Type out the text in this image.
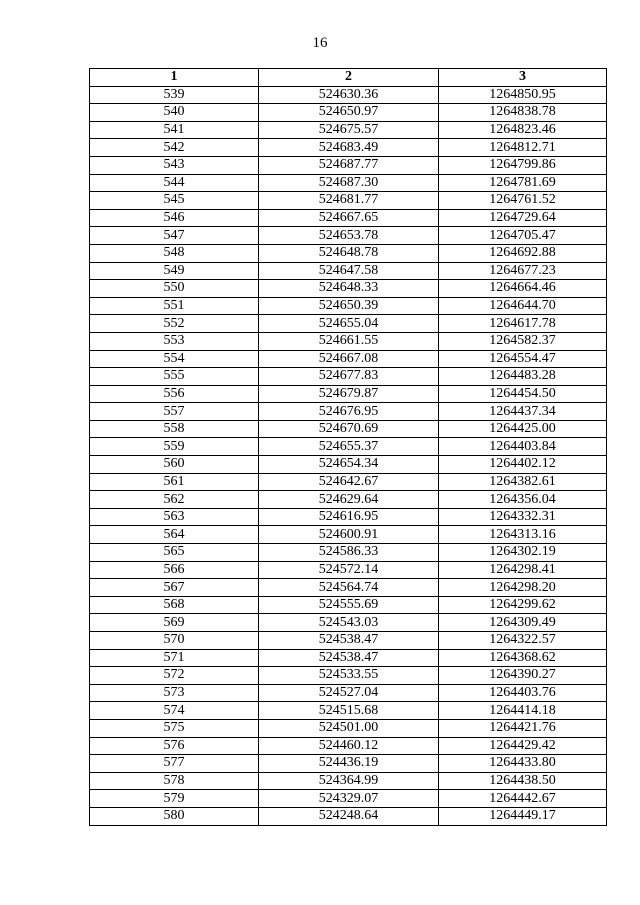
16
1	2	3
539	524630.36	1264850.95
540	524650.97	1264838.78
541	524675.57	1264823.46
542	524683.49	1264812.71
543	524687.77	1264799.86
544	524687.30	1264781.69
545	524681.77	1264761.52
546	524667.65	1264729.64
547	524653.78	1264705.47
548	524648.78	1264692.88
549	524647.58	1264677.23
550	524648.33	1264664.46
551	524650.39	1264644.70
552	524655.04	1264617.78
553	524661.55	1264582.37
554	524667.08	1264554.47
555	524677.83	1264483.28
556	524679.87	1264454.50
557	524676.95	1264437.34
558	524670.69	1264425.00
559	524655.37	1264403.84
560	524654.34	1264402.12
561	524642.67	1264382.61
562	524629.64	1264356.04
563	524616.95	1264332.31
564	524600.91	1264313.16
565	524586.33	1264302.19
566	524572.14	1264298.41
567	524564.74	1264298.20
568	524555.69	1264299.62
569	524543.03	1264309.49
570	524538.47	1264322.57
571	524538.47	1264368.62
572	524533.55	1264390.27
573	524527.04	1264403.76
574	524515.68	1264414.18
575	524501.00	1264421.76
576	524460.12	1264429.42
577	524436.19	1264433.80
578	524364.99	1264438.50
579	524329.07	1264442.67
580	524248.64	1264449.17
